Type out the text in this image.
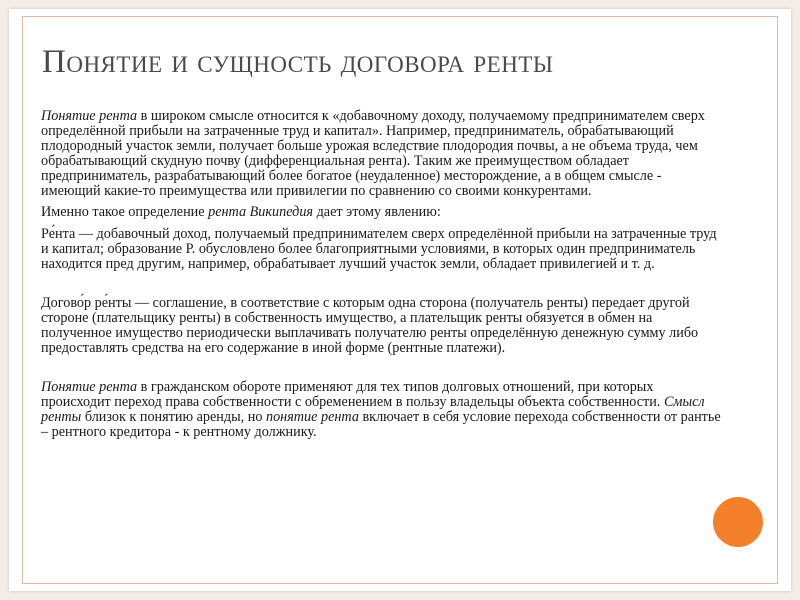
Понятие и сущность договора ренты

Понятие рента в широком смысле относится к «добавочному доходу, получаемому предпринимателем сверх определённой прибыли на затраченные труд и капитал». Например, предприниматель, обрабатывающий плодородный участок земли, получает больше урожая вследствие плодородия почвы, а не объема труда, чем обрабатывающий скудную почву (дифференциальная рента). Таким же преимуществом обладает предприниматель, разрабатывающий более богатое (неудаленное) месторождение, а в общем смысле - имеющий какие-то преимущества или привилегии по сравнению со своими конкурентами.

Именно такое определение рента Википедия дает этому явлению:

Ре́нта — добавочный доход, получаемый предпринимателем сверх определённой прибыли на затраченные труд и капитал; образование Р. обусловлено более благоприятными условиями, в которых один предприниматель находится пред другим, например, обрабатывает лучший участок земли, обладает привилегией и т. д.

Догово́р ре́нты — соглашение, в соответствие с которым одна сторона (получатель ренты) передает другой стороне (плательщику ренты) в собственность имущество, а плательщик ренты обязуется в обмен на полученное имущество периодически выплачивать получателю ренты определённую денежную сумму либо предоставлять средства на его содержание в иной форме (рентные платежи).

Понятие рента в гражданском обороте применяют для тех типов долговых отношений, при которых происходит переход права собственности с обременением в пользу владельцы объекта собственности. Смысл ренты близок к понятию аренды, но понятие рента включает в себя условие перехода собственности от рантье – рентного кредитора - к рентному должнику.
